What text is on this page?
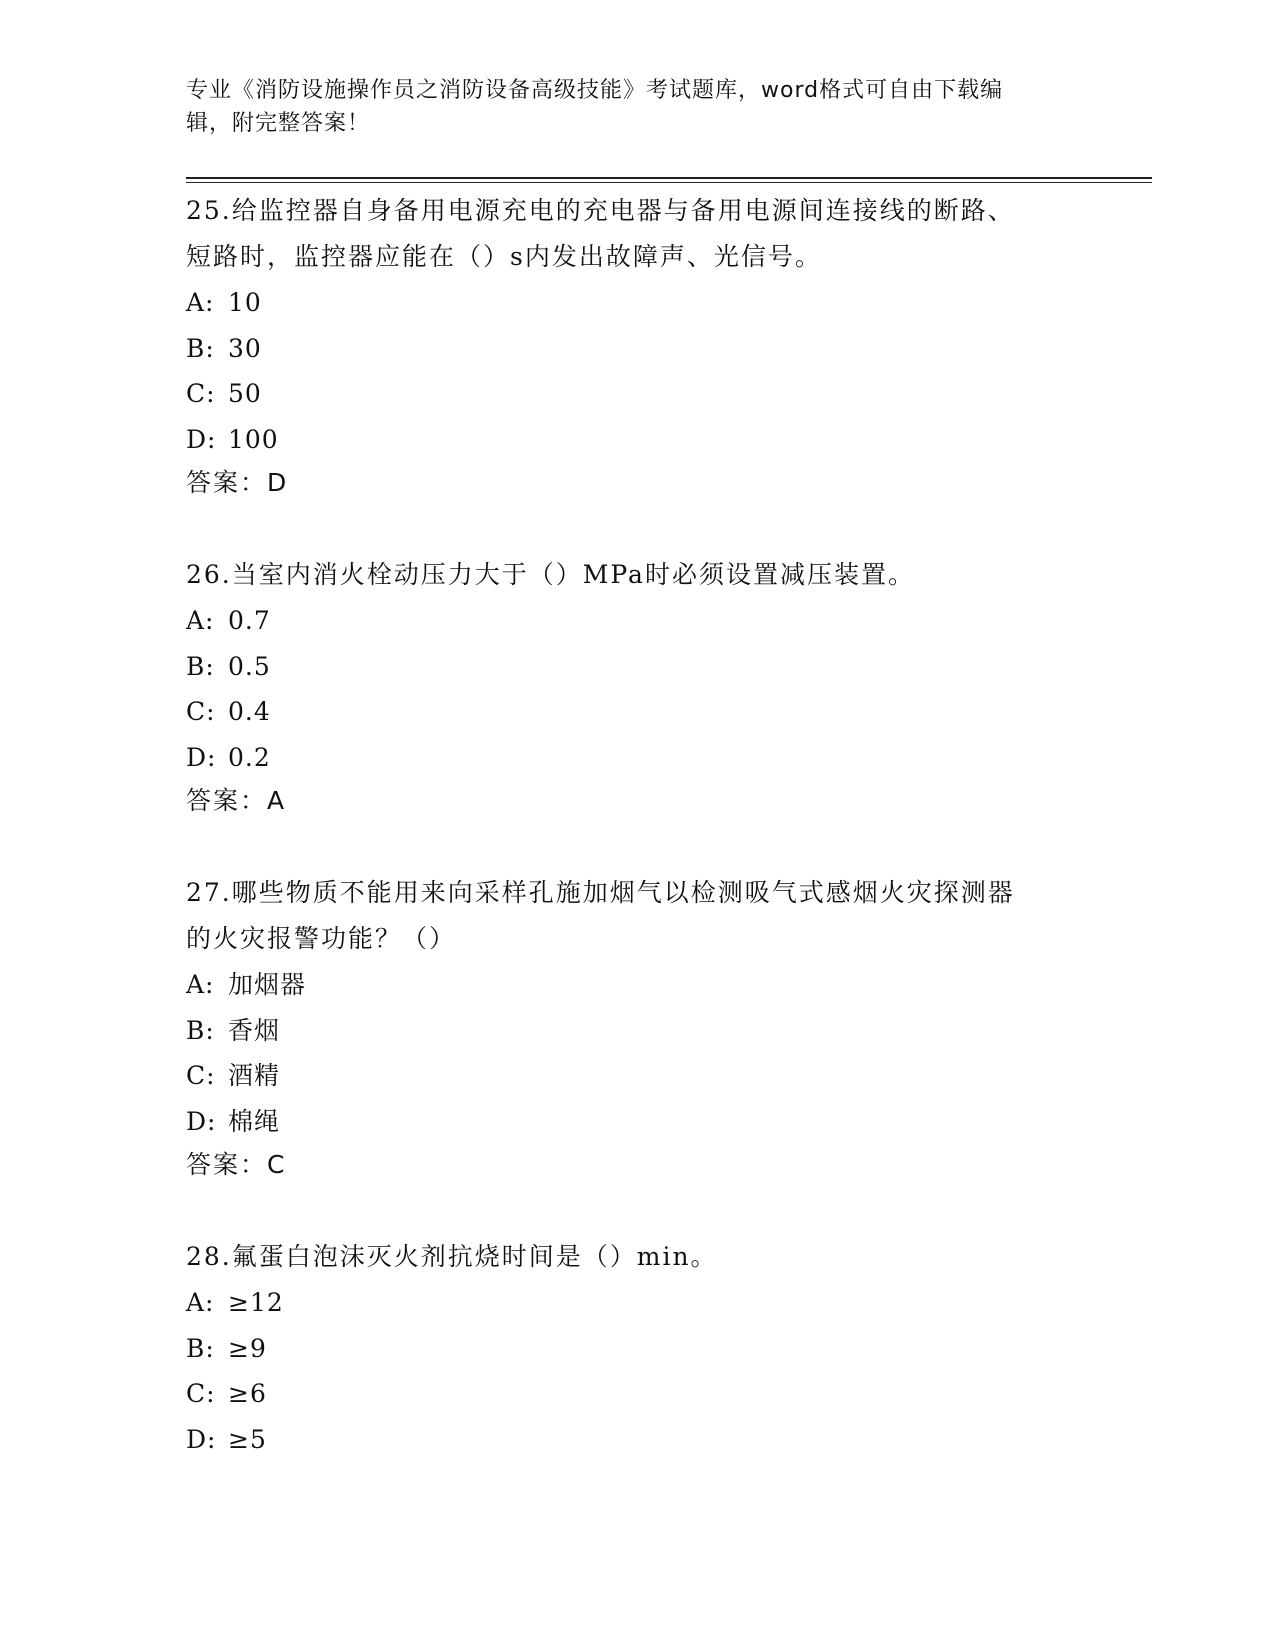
专业《消防设施操作员之消防设备高级技能》考试题库，word格式可自由下载编
辑，附完整答案！

25.给监控器自身备用电源充电的充电器与备用电源间连接线的断路、
短路时，监控器应能在（）s内发出故障声、光信号。

A: 10

B: 30

C: 50

D: 100

答案：D

26.当室内消火栓动压力大于（）MPa时必须设置减压装置。

A: 0.7

B: 0.5

C: 0.4

D: 0.2

答案：A

27.哪些物质不能用来向采样孔施加烟气以检测吸气式感烟火灾探测器
的火灾报警功能？（）

A: 加烟器

B: 香烟

C: 酒精

D: 棉绳

答案：C

28.氟蛋白泡沫灭火剂抗烧时间是（）min。

A: ≥12

B: ≥9

C: ≥6

D: ≥5
